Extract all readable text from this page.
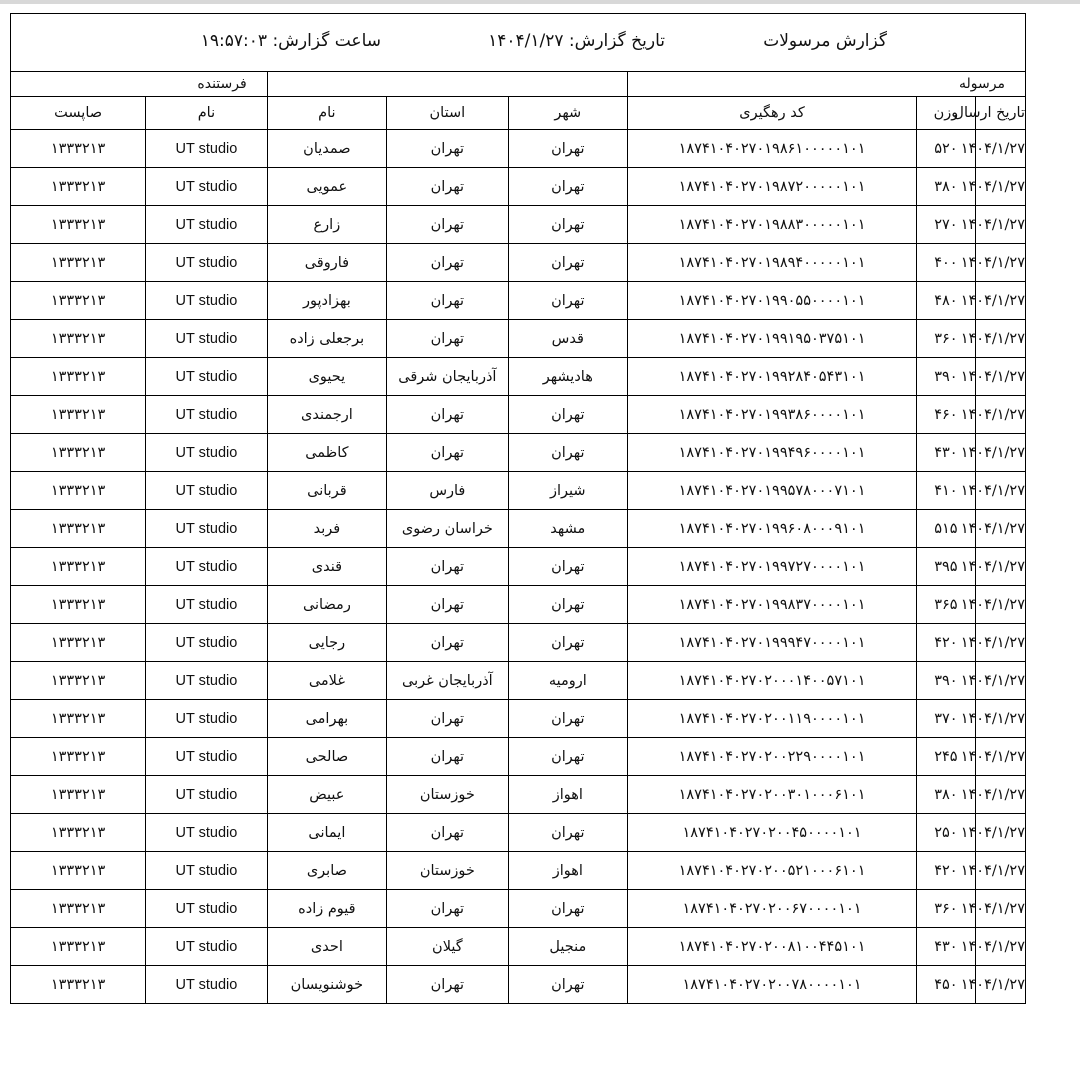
گزارش مرسولات
تاریخ گزارش: ۱۴۰۴/۱/۲۷
ساعت گزارش: ۱۹:۵۷:۰۳
مرسوله						فرستنده	
تاریخ ارسال	وزن	کد رهگیری	شهر	استان	نام	نام	صاپست
۱۴۰۴/۱/۲۷	۵۲۰	۱۸۷۴۱۰۴۰۲۷۰۱۹۸۶۱۰۰۰۰۰۱۰۱	تهران	تهران	صمدیان	UT studio	۱۳۳۳۲۱۳
۱۴۰۴/۱/۲۷	۳۸۰	۱۸۷۴۱۰۴۰۲۷۰۱۹۸۷۲۰۰۰۰۰۱۰۱	تهران	تهران	عمویی	UT studio	۱۳۳۳۲۱۳
۱۴۰۴/۱/۲۷	۲۷۰	۱۸۷۴۱۰۴۰۲۷۰۱۹۸۸۳۰۰۰۰۰۱۰۱	تهران	تهران	زارع	UT studio	۱۳۳۳۲۱۳
۱۴۰۴/۱/۲۷	۴۰۰	۱۸۷۴۱۰۴۰۲۷۰۱۹۸۹۴۰۰۰۰۰۱۰۱	تهران	تهران	فاروقی	UT studio	۱۳۳۳۲۱۳
۱۴۰۴/۱/۲۷	۴۸۰	۱۸۷۴۱۰۴۰۲۷۰۱۹۹۰۵۵۰۰۰۰۱۰۱	تهران	تهران	بهزادپور	UT studio	۱۳۳۳۲۱۳
۱۴۰۴/۱/۲۷	۳۶۰	۱۸۷۴۱۰۴۰۲۷۰۱۹۹۱۹۵۰۳۷۵۱۰۱	قدس	تهران	برجعلی زاده	UT studio	۱۳۳۳۲۱۳
۱۴۰۴/۱/۲۷	۳۹۰	۱۸۷۴۱۰۴۰۲۷۰۱۹۹۲۸۴۰۵۴۳۱۰۱	هادیشهر	آذربایجان شرقی	یحیوی	UT studio	۱۳۳۳۲۱۳
۱۴۰۴/۱/۲۷	۴۶۰	۱۸۷۴۱۰۴۰۲۷۰۱۹۹۳۸۶۰۰۰۰۱۰۱	تهران	تهران	ارجمندی	UT studio	۱۳۳۳۲۱۳
۱۴۰۴/۱/۲۷	۴۳۰	۱۸۷۴۱۰۴۰۲۷۰۱۹۹۴۹۶۰۰۰۰۱۰۱	تهران	تهران	کاظمی	UT studio	۱۳۳۳۲۱۳
۱۴۰۴/۱/۲۷	۴۱۰	۱۸۷۴۱۰۴۰۲۷۰۱۹۹۵۷۸۰۰۰۷۱۰۱	شیراز	فارس	قربانی	UT studio	۱۳۳۳۲۱۳
۱۴۰۴/۱/۲۷	۵۱۵	۱۸۷۴۱۰۴۰۲۷۰۱۹۹۶۰۸۰۰۰۹۱۰۱	مشهد	خراسان رضوی	فربد	UT studio	۱۳۳۳۲۱۳
۱۴۰۴/۱/۲۷	۳۹۵	۱۸۷۴۱۰۴۰۲۷۰۱۹۹۷۲۷۰۰۰۰۱۰۱	تهران	تهران	قندی	UT studio	۱۳۳۳۲۱۳
۱۴۰۴/۱/۲۷	۳۶۵	۱۸۷۴۱۰۴۰۲۷۰۱۹۹۸۳۷۰۰۰۰۱۰۱	تهران	تهران	رمضانی	UT studio	۱۳۳۳۲۱۳
۱۴۰۴/۱/۲۷	۴۲۰	۱۸۷۴۱۰۴۰۲۷۰۱۹۹۹۴۷۰۰۰۰۱۰۱	تهران	تهران	رجایی	UT studio	۱۳۳۳۲۱۳
۱۴۰۴/۱/۲۷	۳۹۰	۱۸۷۴۱۰۴۰۲۷۰۲۰۰۰۱۴۰۰۵۷۱۰۱	ارومیه	آذربایجان غربی	غلامی	UT studio	۱۳۳۳۲۱۳
۱۴۰۴/۱/۲۷	۳۷۰	۱۸۷۴۱۰۴۰۲۷۰۲۰۰۱۱۹۰۰۰۰۱۰۱	تهران	تهران	بهرامی	UT studio	۱۳۳۳۲۱۳
۱۴۰۴/۱/۲۷	۲۴۵	۱۸۷۴۱۰۴۰۲۷۰۲۰۰۲۲۹۰۰۰۰۱۰۱	تهران	تهران	صالحی	UT studio	۱۳۳۳۲۱۳
۱۴۰۴/۱/۲۷	۳۸۰	۱۸۷۴۱۰۴۰۲۷۰۲۰۰۳۰۱۰۰۰۶۱۰۱	اهواز	خوزستان	عبیض	UT studio	۱۳۳۳۲۱۳
۱۴۰۴/۱/۲۷	۲۵۰	۱۸۷۴۱۰۴۰۲۷۰۲۰۰۴۵۰۰۰۰۱۰۱	تهران	تهران	ایمانی	UT studio	۱۳۳۳۲۱۳
۱۴۰۴/۱/۲۷	۴۲۰	۱۸۷۴۱۰۴۰۲۷۰۲۰۰۵۲۱۰۰۰۶۱۰۱	اهواز	خوزستان	صابری	UT studio	۱۳۳۳۲۱۳
۱۴۰۴/۱/۲۷	۳۶۰	۱۸۷۴۱۰۴۰۲۷۰۲۰۰۶۷۰۰۰۰۱۰۱	تهران	تهران	قیوم زاده	UT studio	۱۳۳۳۲۱۳
۱۴۰۴/۱/۲۷	۴۳۰	۱۸۷۴۱۰۴۰۲۷۰۲۰۰۸۱۰۰۴۴۵۱۰۱	منجیل	گیلان	احدی	UT studio	۱۳۳۳۲۱۳
۱۴۰۴/۱/۲۷	۴۵۰	۱۸۷۴۱۰۴۰۲۷۰۲۰۰۷۸۰۰۰۰۱۰۱	تهران	تهران	خوشنویسان	UT studio	۱۳۳۳۲۱۳
